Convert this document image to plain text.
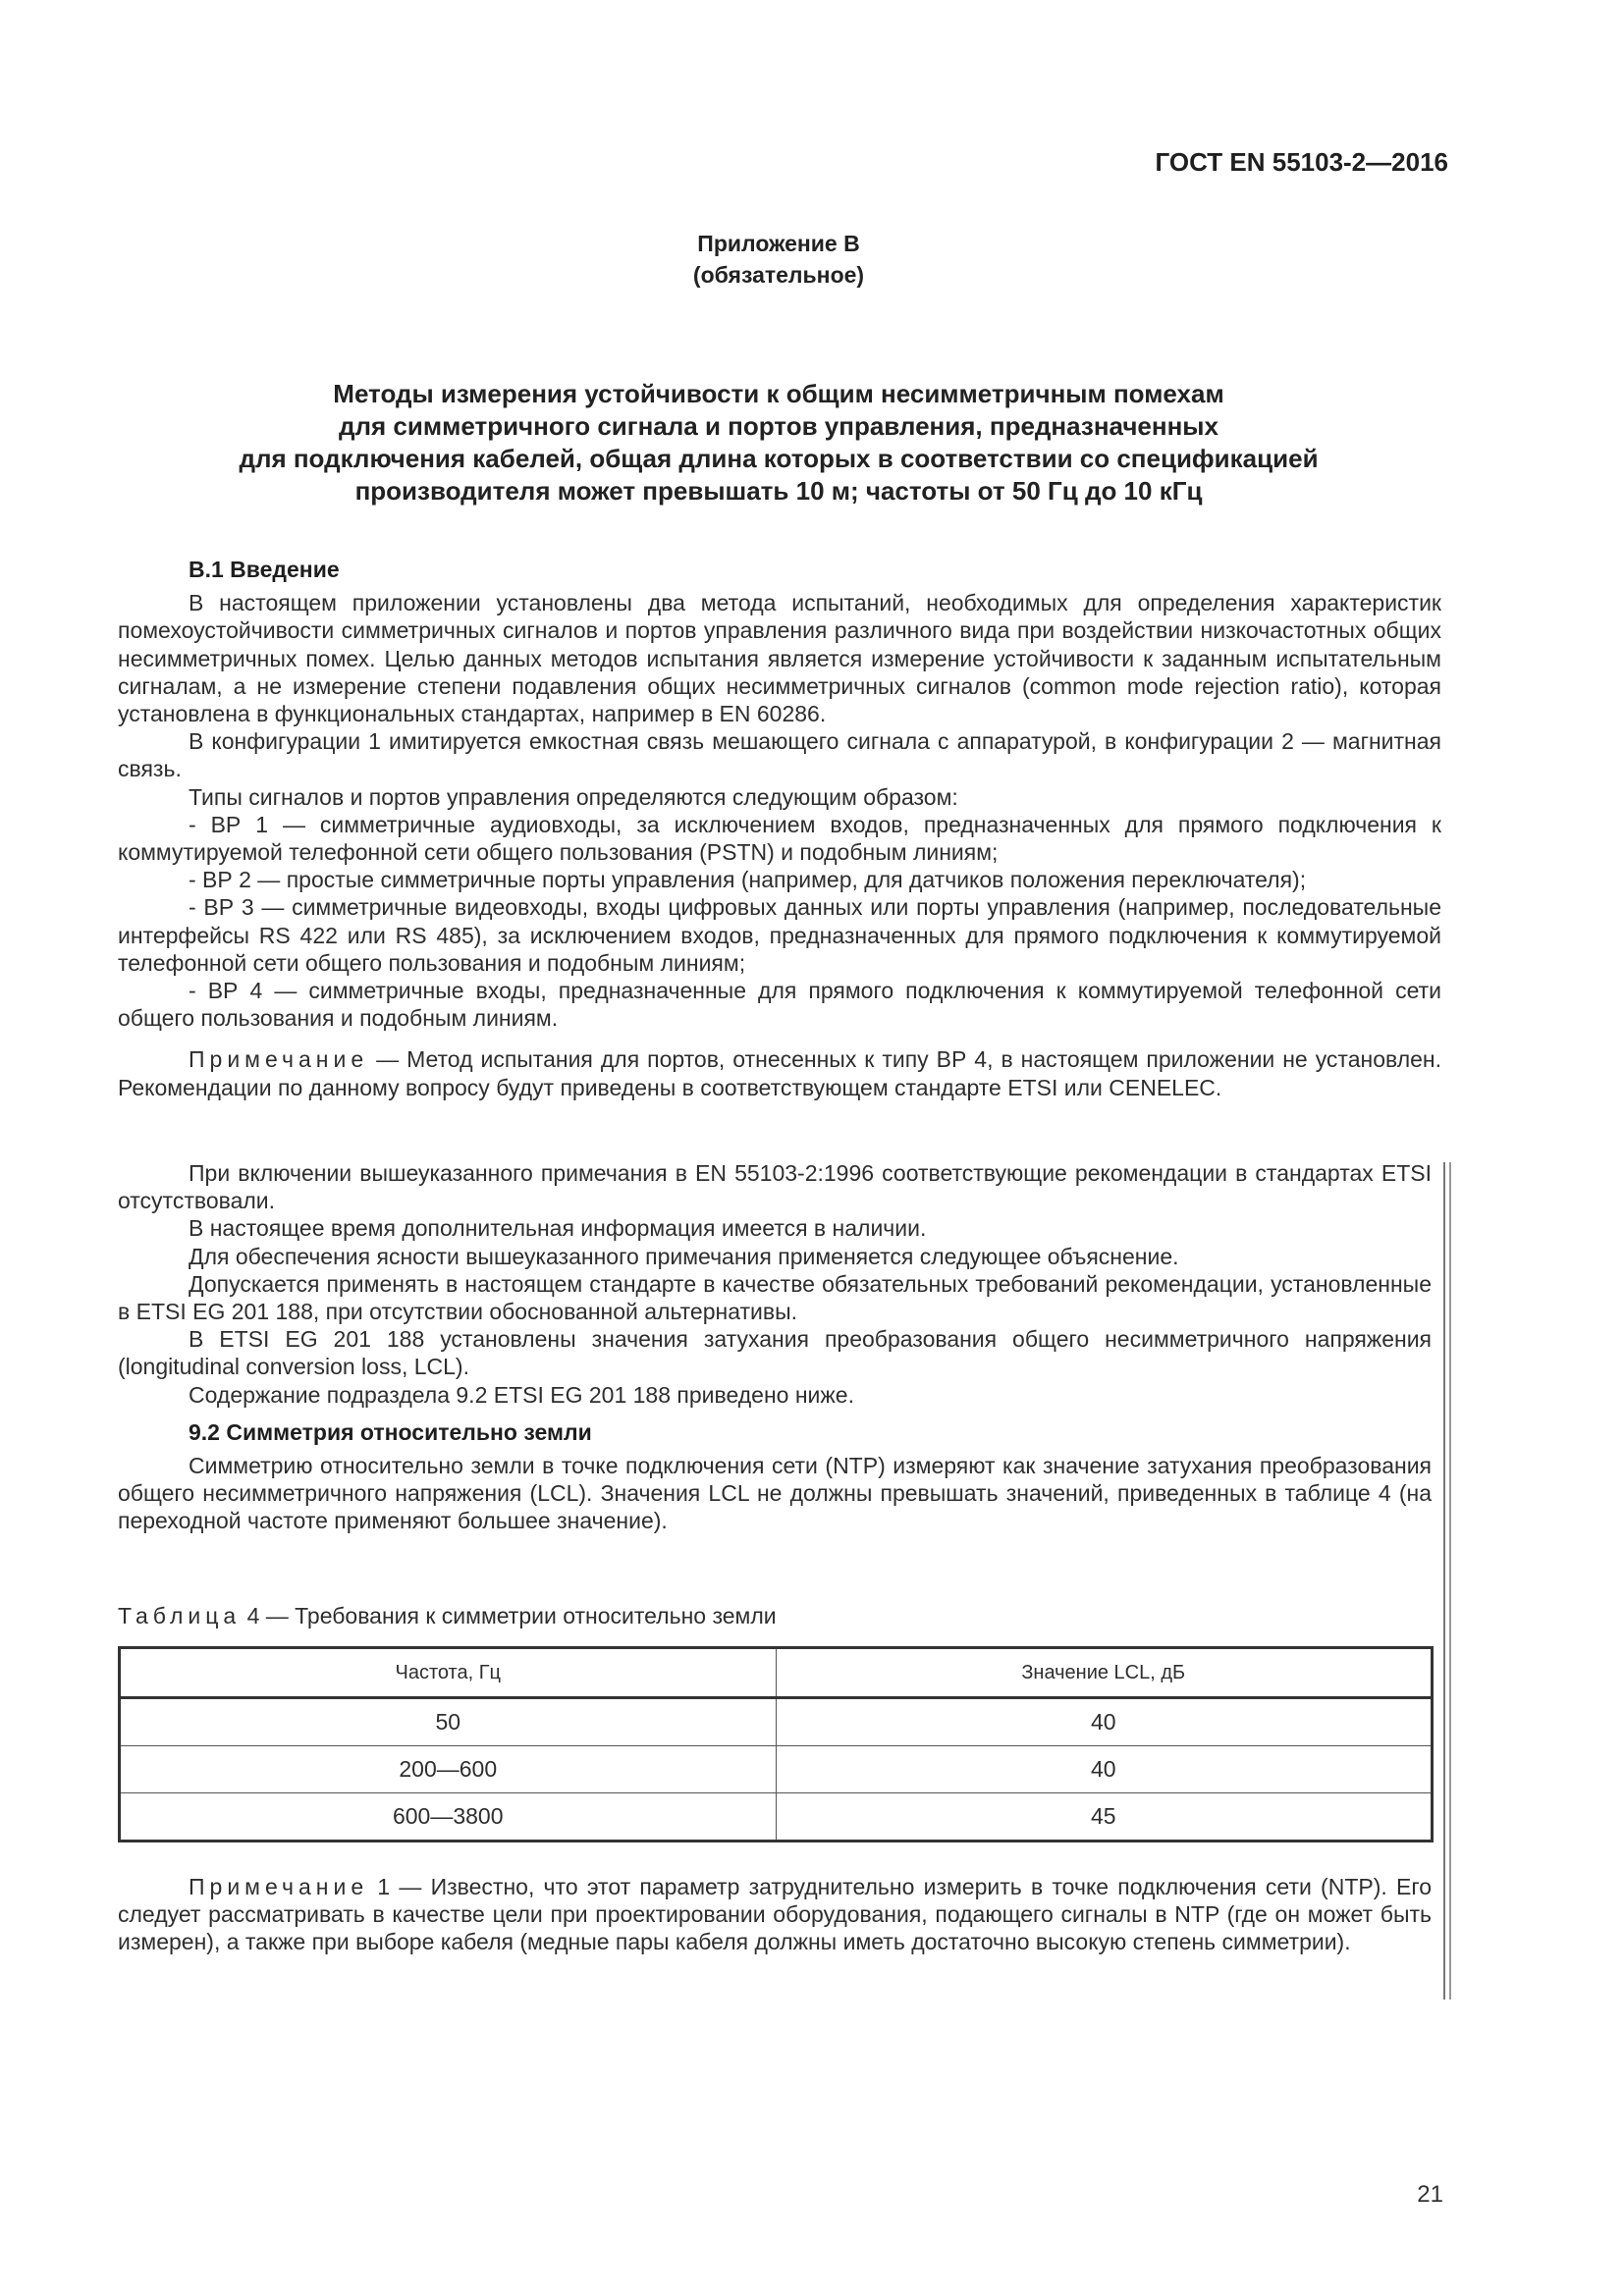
ГОСТ EN 55103-2—2016
Приложение В
(обязательное)
Методы измерения устойчивости к общим несимметричным помехам
для симметричного сигнала и портов управления, предназначенных
для подключения кабелей, общая длина которых в соответствии со спецификацией
производителя может превышать 10 м; частоты от 50 Гц до 10 кГц

В.1 Введение

В настоящем приложении установлены два метода испытаний, необходимых для определения характеристик помехоустойчивости симметричных сигналов и портов управления различного вида при воздействии низкочастотных общих несимметричных помех. Целью данных методов испытания является измерение устойчивости к заданным испытательным сигналам, а не измерение степени подавления общих несимметричных сигналов (common mode rejection ratio), которая установлена в функциональных стандартах, например в EN 60286.

В конфигурации 1 имитируется емкостная связь мешающего сигнала с аппаратурой, в конфигурации 2 — магнитная связь.

Типы сигналов и портов управления определяются следующим образом:

- ВР 1 — симметричные аудиовходы, за исключением входов, предназначенных для прямого подключения к коммутируемой телефонной сети общего пользования (PSTN) и подобным линиям;

- ВР 2 — простые симметричные порты управления (например, для датчиков положения переключателя);

- ВР 3 — симметричные видеовходы, входы цифровых данных или порты управления (например, последовательные интерфейсы RS 422 или RS 485), за исключением входов, предназначенных для прямого подключения к коммутируемой телефонной сети общего пользования и подобным линиям;

- ВР 4 — симметричные входы, предназначенные для прямого подключения к коммутируемой телефонной сети общего пользования и подобным линиям.

Примечание — Метод испытания для портов, отнесенных к типу ВР 4, в настоящем приложении не установлен. Рекомендации по данному вопросу будут приведены в соответствующем стандарте ETSI или CENELEC.

При включении вышеуказанного примечания в EN 55103-2:1996 соответствующие рекомендации в стандартах ETSI отсутствовали.

В настоящее время дополнительная информация имеется в наличии.

Для обеспечения ясности вышеуказанного примечания применяется следующее объяснение.

Допускается применять в настоящем стандарте в качестве обязательных требований рекомендации, установленные в ETSI EG 201 188, при отсутствии обоснованной альтернативы.

В ETSI EG 201 188 установлены значения затухания преобразования общего несимметричного напряжения (longitudinal conversion loss, LCL).

Содержание подраздела 9.2 ETSI EG 201 188 приведено ниже.

9.2 Симметрия относительно земли

Симметрию относительно земли в точке подключения сети (NTP) измеряют как значение затухания преобразования общего несимметричного напряжения (LCL). Значения LCL не должны превышать значений, приведенных в таблице 4 (на переходной частоте применяют большее значение).

Таблица 4 — Требования к симметрии относительно земли

Частота, Гц	Значение LCL, дБ
50	40
200—600	40
600—3800	45

Примечание 1 — Известно, что этот параметр затруднительно измерить в точке подключения сети (NTP). Его следует рассматривать в качестве цели при проектировании оборудования, подающего сигналы в NTP (где он может быть измерен), а также при выборе кабеля (медные пары кабеля должны иметь достаточно высокую степень симметрии).

21
